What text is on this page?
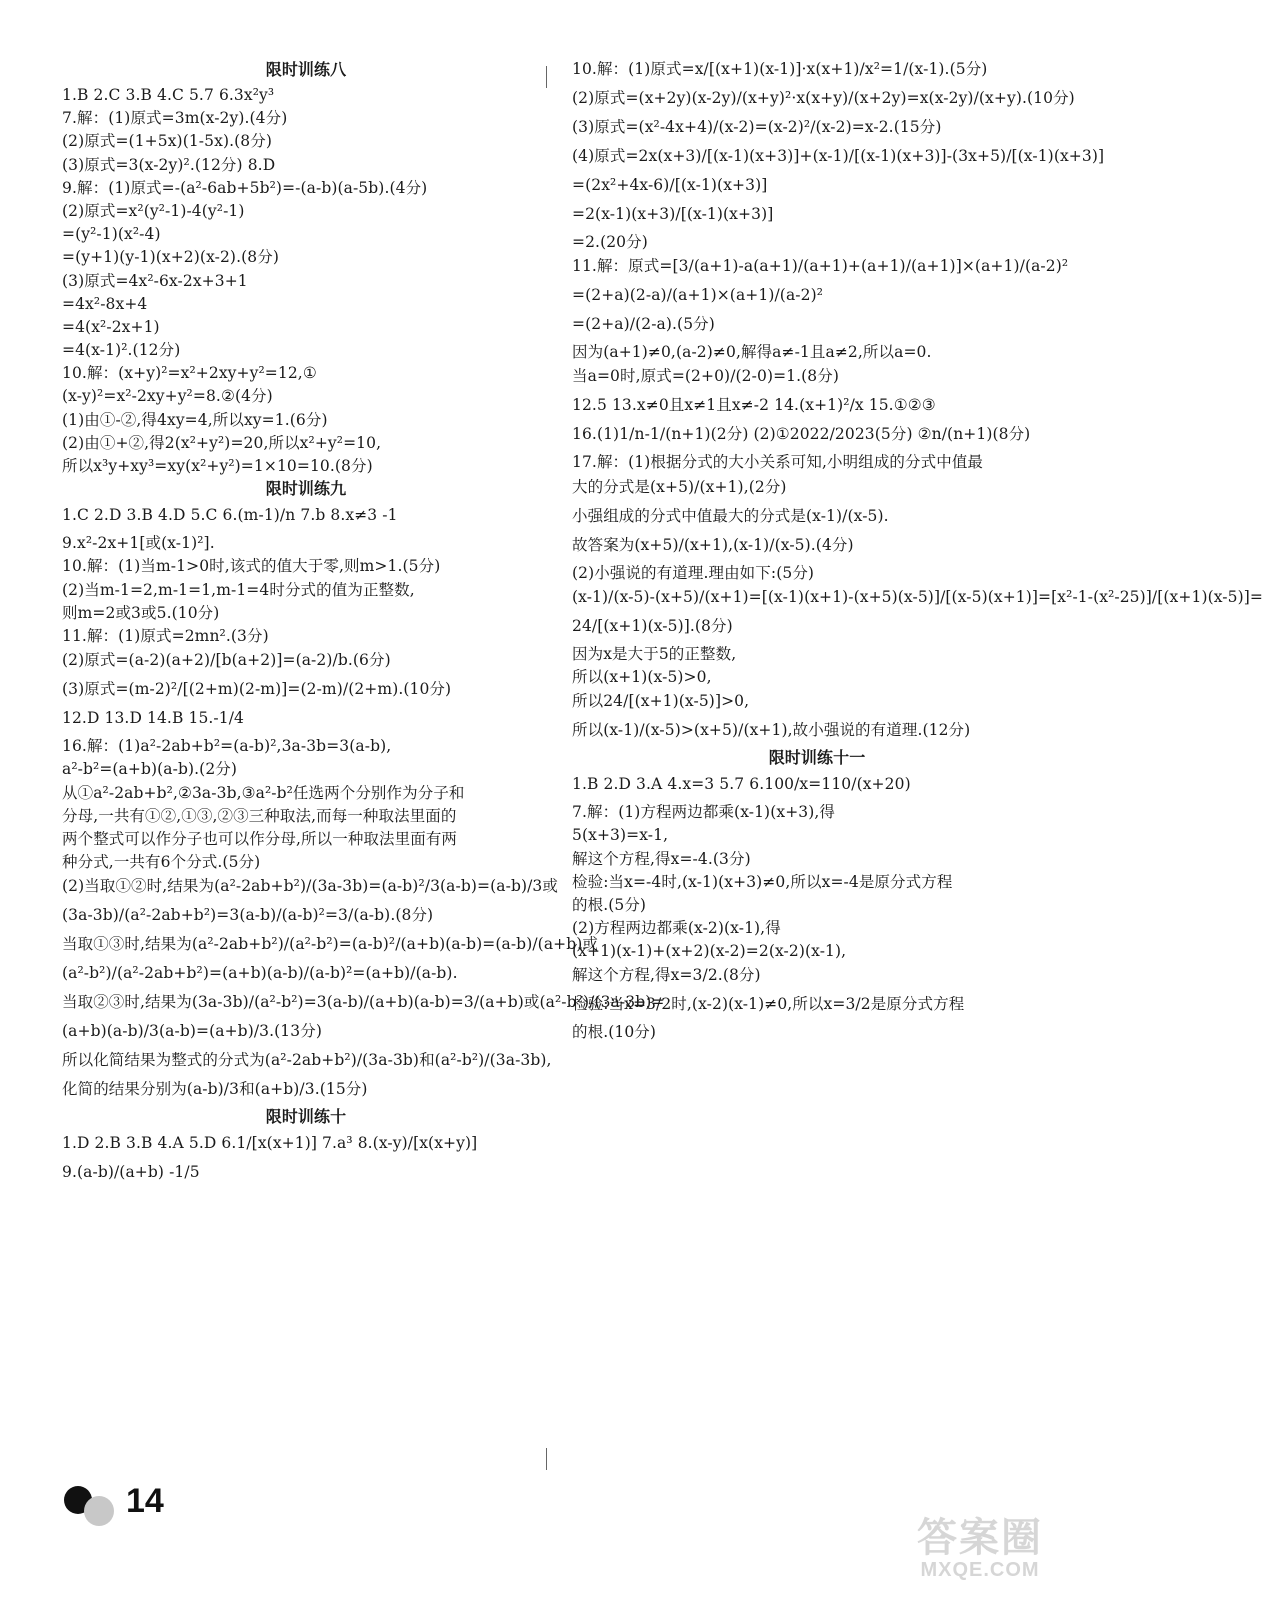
限时训练八
1.B 2.C 3.B 4.C 5.7 6.3x²y³
7.解：(1)原式=3m(x-2y).(4分)
(2)原式=(1+5x)(1-5x).(8分)
(3)原式=3(x-2y)².(12分) 8.D
9.解：(1)原式=-(a²-6ab+5b²)=-(a-b)(a-5b).(4分)
(2)原式=x²(y²-1)-4(y²-1)
=(y²-1)(x²-4)
=(y+1)(y-1)(x+2)(x-2).(8分)
(3)原式=4x²-6x-2x+3+1
=4x²-8x+4
=4(x²-2x+1)
=4(x-1)².(12分)
10.解：(x+y)²=x²+2xy+y²=12,①
(x-y)²=x²-2xy+y²=8.②(4分)
(1)由①-②,得4xy=4,所以xy=1.(6分)
(2)由①+②,得2(x²+y²)=20,所以x²+y²=10,
所以x³y+xy³=xy(x²+y²)=1×10=10.(8分)
限时训练九
1.C 2.D 3.B 4.D 5.C 6.(m-1)/n 7.b 8.x≠3 -1
9.x²-2x+1[或(x-1)²].
10.解：(1)当m-1>0时,该式的值大于零,则m>1.(5分)
(2)当m-1=2,m-1=1,m-1=4时分式的值为正整数,
则m=2或3或5.(10分)
11.解：(1)原式=2mn².(3分)
(2)原式=(a-2)(a+2)/[b(a+2)]=(a-2)/b.(6分)
(3)原式=(m-2)²/[(2+m)(2-m)]=(2-m)/(2+m).(10分)
12.D 13.D 14.B 15.-1/4
16.解：(1)a²-2ab+b²=(a-b)²,3a-3b=3(a-b),
a²-b²=(a+b)(a-b).(2分)
从①a²-2ab+b²,②3a-3b,③a²-b²任选两个分别作为分子和
分母,一共有①②,①③,②③三种取法,而每一种取法里面的
两个整式可以作分子也可以作分母,所以一种取法里面有两
种分式,一共有6个分式.(5分)
(2)当取①②时,结果为(a²-2ab+b²)/(3a-3b)=(a-b)²/3(a-b)=(a-b)/3或
(3a-3b)/(a²-2ab+b²)=3(a-b)/(a-b)²=3/(a-b).(8分)
当取①③时,结果为(a²-2ab+b²)/(a²-b²)=(a-b)²/(a+b)(a-b)=(a-b)/(a+b)或
(a²-b²)/(a²-2ab+b²)=(a+b)(a-b)/(a-b)²=(a+b)/(a-b).
当取②③时,结果为(3a-3b)/(a²-b²)=3(a-b)/(a+b)(a-b)=3/(a+b)或(a²-b²)/(3a-3b)=
(a+b)(a-b)/3(a-b)=(a+b)/3.(13分)
所以化简结果为整式的分式为(a²-2ab+b²)/(3a-3b)和(a²-b²)/(3a-3b),
化简的结果分别为(a-b)/3和(a+b)/3.(15分)
限时训练十
1.D 2.B 3.B 4.A 5.D 6.1/[x(x+1)] 7.a³ 8.(x-y)/[x(x+y)]
9.(a-b)/(a+b) -1/5
10.解：(1)原式=x/[(x+1)(x-1)]·x(x+1)/x²=1/(x-1).(5分)
(2)原式=(x+2y)(x-2y)/(x+y)²·x(x+y)/(x+2y)=x(x-2y)/(x+y).(10分)
(3)原式=(x²-4x+4)/(x-2)=(x-2)²/(x-2)=x-2.(15分)
(4)原式=2x(x+3)/[(x-1)(x+3)]+(x-1)/[(x-1)(x+3)]-(3x+5)/[(x-1)(x+3)]
=(2x²+4x-6)/[(x-1)(x+3)]
=2(x-1)(x+3)/[(x-1)(x+3)]
=2.(20分)
11.解：原式=[3/(a+1)-a(a+1)/(a+1)+(a+1)/(a+1)]×(a+1)/(a-2)²
=(2+a)(2-a)/(a+1)×(a+1)/(a-2)²
=(2+a)/(2-a).(5分)
因为(a+1)≠0,(a-2)≠0,解得a≠-1且a≠2,所以a=0.
当a=0时,原式=(2+0)/(2-0)=1.(8分)
12.5 13.x≠0且x≠1且x≠-2 14.(x+1)²/x 15.①②③
16.(1)1/n-1/(n+1)(2分) (2)①2022/2023(5分) ②n/(n+1)(8分)
17.解：(1)根据分式的大小关系可知,小明组成的分式中值最
大的分式是(x+5)/(x+1),(2分)
小强组成的分式中值最大的分式是(x-1)/(x-5).
故答案为(x+5)/(x+1),(x-1)/(x-5).(4分)
(2)小强说的有道理.理由如下:(5分)
(x-1)/(x-5)-(x+5)/(x+1)=[(x-1)(x+1)-(x+5)(x-5)]/[(x-5)(x+1)]=[x²-1-(x²-25)]/[(x+1)(x-5)]=
24/[(x+1)(x-5)].(8分)
因为x是大于5的正整数,
所以(x+1)(x-5)>0,
所以24/[(x+1)(x-5)]>0,
所以(x-1)/(x-5)>(x+5)/(x+1),故小强说的有道理.(12分)
限时训练十一
1.B 2.D 3.A 4.x=3 5.7 6.100/x=110/(x+20)
7.解：(1)方程两边都乘(x-1)(x+3),得
5(x+3)=x-1,
解这个方程,得x=-4.(3分)
检验:当x=-4时,(x-1)(x+3)≠0,所以x=-4是原分式方程
的根.(5分)
(2)方程两边都乘(x-2)(x-1),得
(x+1)(x-1)+(x+2)(x-2)=2(x-2)(x-1),
解这个方程,得x=3/2.(8分)
检验:当x=3/2时,(x-2)(x-1)≠0,所以x=3/2是原分式方程
的根.(10分)
14
答案圈
MXQE.COM
